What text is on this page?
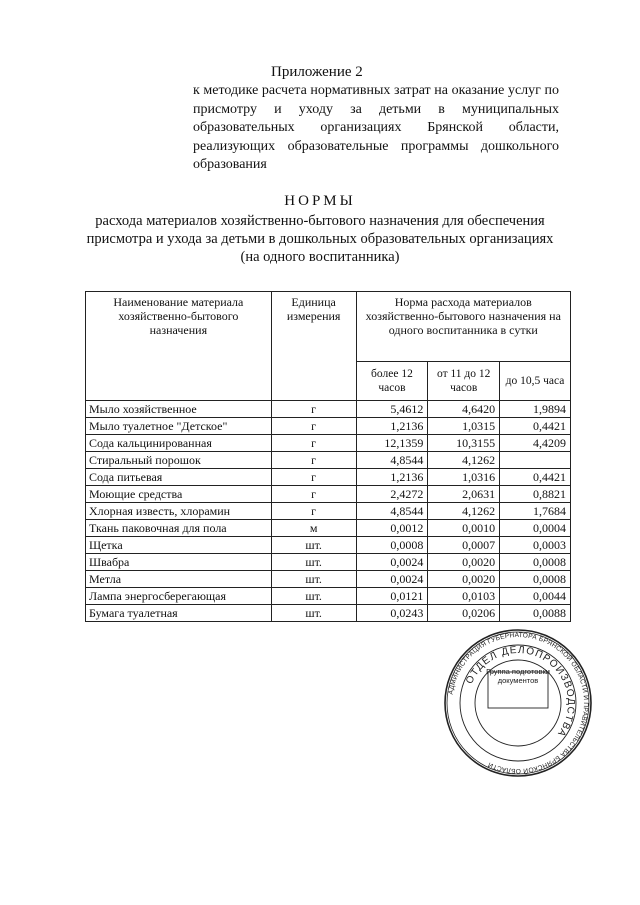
Приложение 2
к методике расчета нормативных затрат на оказание услуг по присмотру и уходу за детьми в муниципальных образовательных организациях Брянской области, реализующих образовательные программы дошкольного образования
НОРМЫ
расхода материалов хозяйственно-бытового назначения для обеспечения
присмотра и ухода за детьми в дошкольных образовательных организациях
(на одного воспитанника)
Наименование материала хозяйственно-бытового назначения	Единица измерения	Норма расхода материалов хозяйственно-бытового назначения на одного воспитанника в сутки		
		более 12 часов	от 11 до 12 часов	до 10,5 часа
Мыло хозяйственное	г	5,4612	4,6420	1,9894
Мыло туалетное "Детское"	г	1,2136	1,0315	0,4421
Сода кальцинированная	г	12,1359	10,3155	4,4209
Стиральный порошок	г	4,8544	4,1262	
Сода питьевая	г	1,2136	1,0316	0,4421
Моющие средства	г	2,4272	2,0631	0,8821
Хлорная известь, хлорамин	г	4,8544	4,1262	1,7684
Ткань паковочная для пола	м	0,0012	0,0010	0,0004
Щетка	шт.	0,0008	0,0007	0,0003
Швабра	шт.	0,0024	0,0020	0,0008
Метла	шт.	0,0024	0,0020	0,0008
Лампа энергосберегающая	шт.	0,0121	0,0103	0,0044
Бумага туалетная	шт.	0,0243	0,0206	0,0088
АДМИНИСТРАЦИЯ ГУБЕРНАТОРА БРЯНСКОЙ ОБЛАСТИ И ПРАВИТЕЛЬСТВА БРЯНСКОЙ ОБЛАСТИ
ОТДЕЛ ДЕЛОПРОИЗВОДСТВА
Группа подготовки документов
